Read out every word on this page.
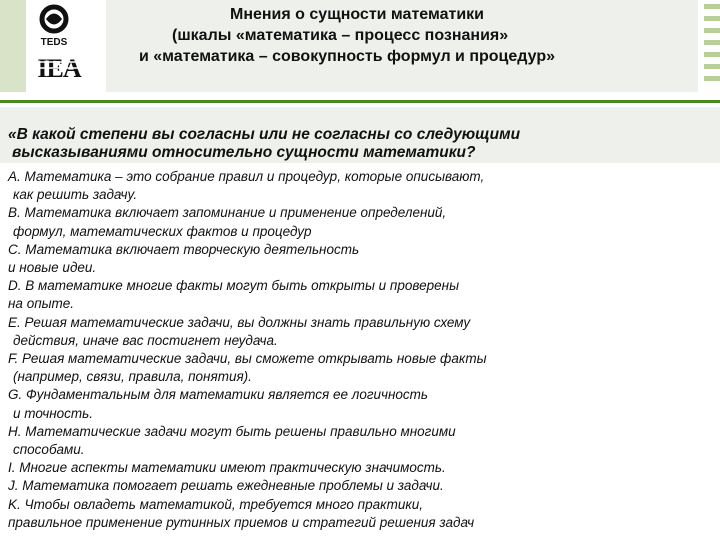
TEDS
IEA
Мнения о сущности математики
(шкалы «математика – процесс познания»
и «математика – совокупность формул и процедур»
«В какой степени вы согласны или не согласны со следующими
высказываниями относительно сущности математики?
A. Математика – это собрание правил и процедур, которые описывают,
как решить задачу.
B. Математика включает запоминание и применение определений,
формул, математических фактов и процедур
C. Математика включает творческую деятельность
и новые идеи.
D. В математике многие факты могут быть открыты и проверены
на опыте.
E. Решая математические задачи, вы должны знать правильную схему
действия, иначе вас постигнет неудача.
F. Решая математические задачи, вы сможете открывать новые факты
(например, связи, правила, понятия).
G. Фундаментальным для математики является ее логичность
и точность.
H. Математические задачи могут быть решены правильно многими
способами.
I. Многие аспекты математики имеют практическую значимость.
J. Математика помогает решать ежедневные проблемы и задачи.
K. Чтобы овладеть математикой, требуется много практики,
правильное применение рутинных приемов и стратегий решения задач
